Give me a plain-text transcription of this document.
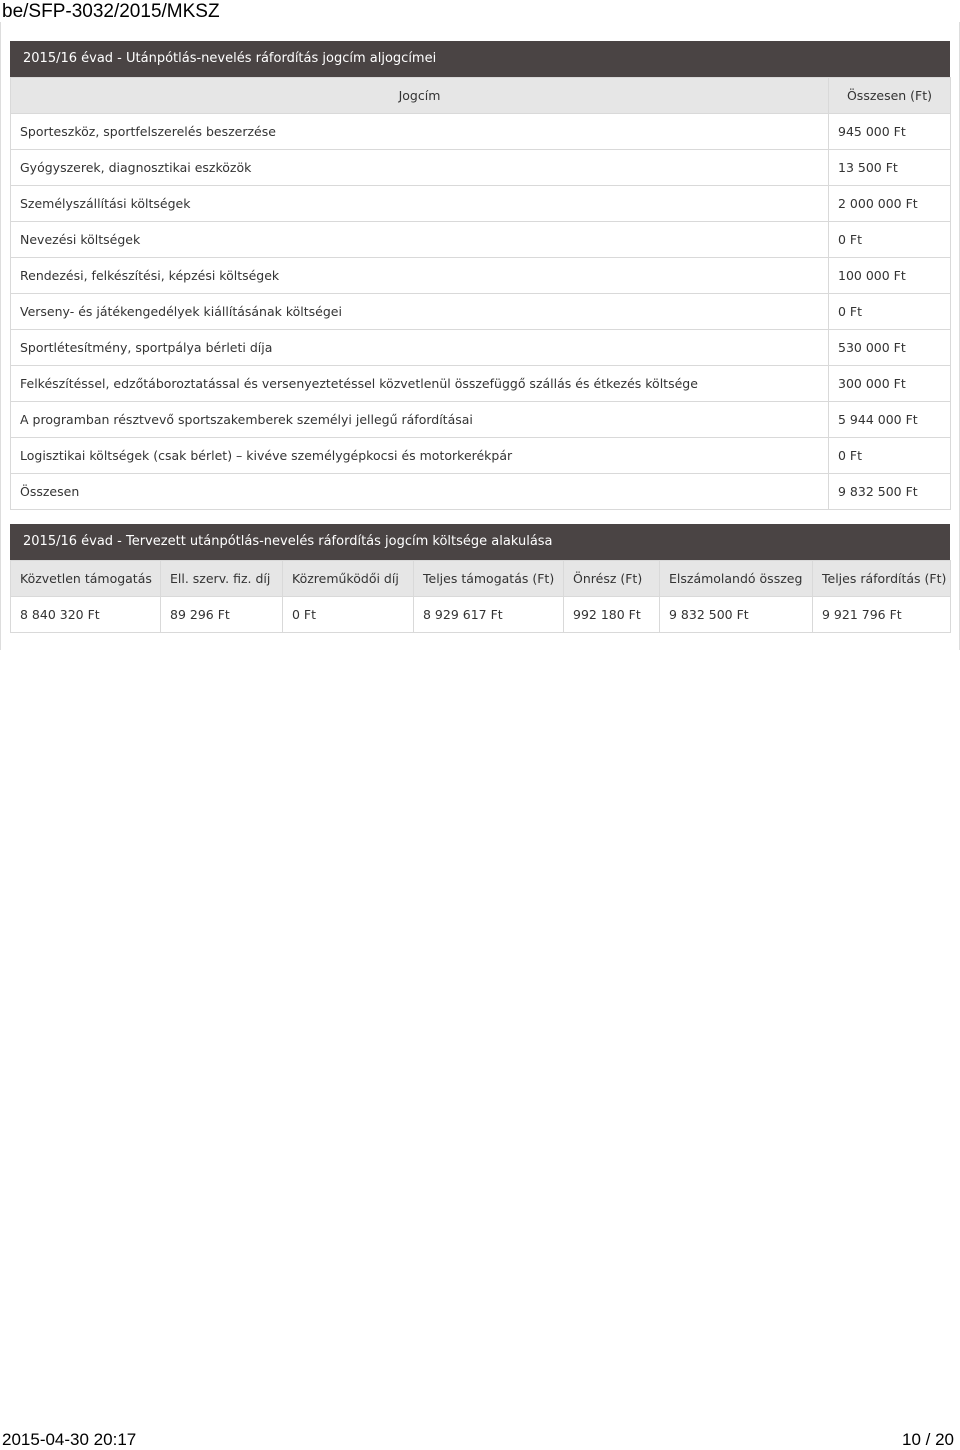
be/SFP-3032/2015/MKSZ
2015/16 évad - Utánpótlás-nevelés ráfordítás jogcím aljogcímei
Jogcím	Összesen (Ft)
Sporteszköz, sportfelszerelés beszerzése	945 000 Ft
Gyógyszerek, diagnosztikai eszközök	13 500 Ft
Személyszállítási költségek	2 000 000 Ft
Nevezési költségek	0 Ft
Rendezési, felkészítési, képzési költségek	100 000 Ft
Verseny- és játékengedélyek kiállításának költségei	0 Ft
Sportlétesítmény, sportpálya bérleti díja	530 000 Ft
Felkészítéssel, edzőtáboroztatással és versenyeztetéssel közvetlenül összefüggő szállás és étkezés költsége	300 000 Ft
A programban résztvevő sportszakemberek személyi jellegű ráfordításai	5 944 000 Ft
Logisztikai költségek (csak bérlet) – kivéve személygépkocsi és motorkerékpár	0 Ft
Összesen	9 832 500 Ft
2015/16 évad - Tervezett utánpótlás-nevelés ráfordítás jogcím költsége alakulása
Közvetlen támogatás	Ell. szerv. fiz. díj	Közreműködői díj	Teljes támogatás (Ft)	Önrész (Ft)	Elszámolandó összeg	Teljes ráfordítás (Ft)
8 840 320 Ft	89 296 Ft	0 Ft	8 929 617 Ft	992 180 Ft	9 832 500 Ft	9 921 796 Ft
2015-04-30 20:17	10 / 20
